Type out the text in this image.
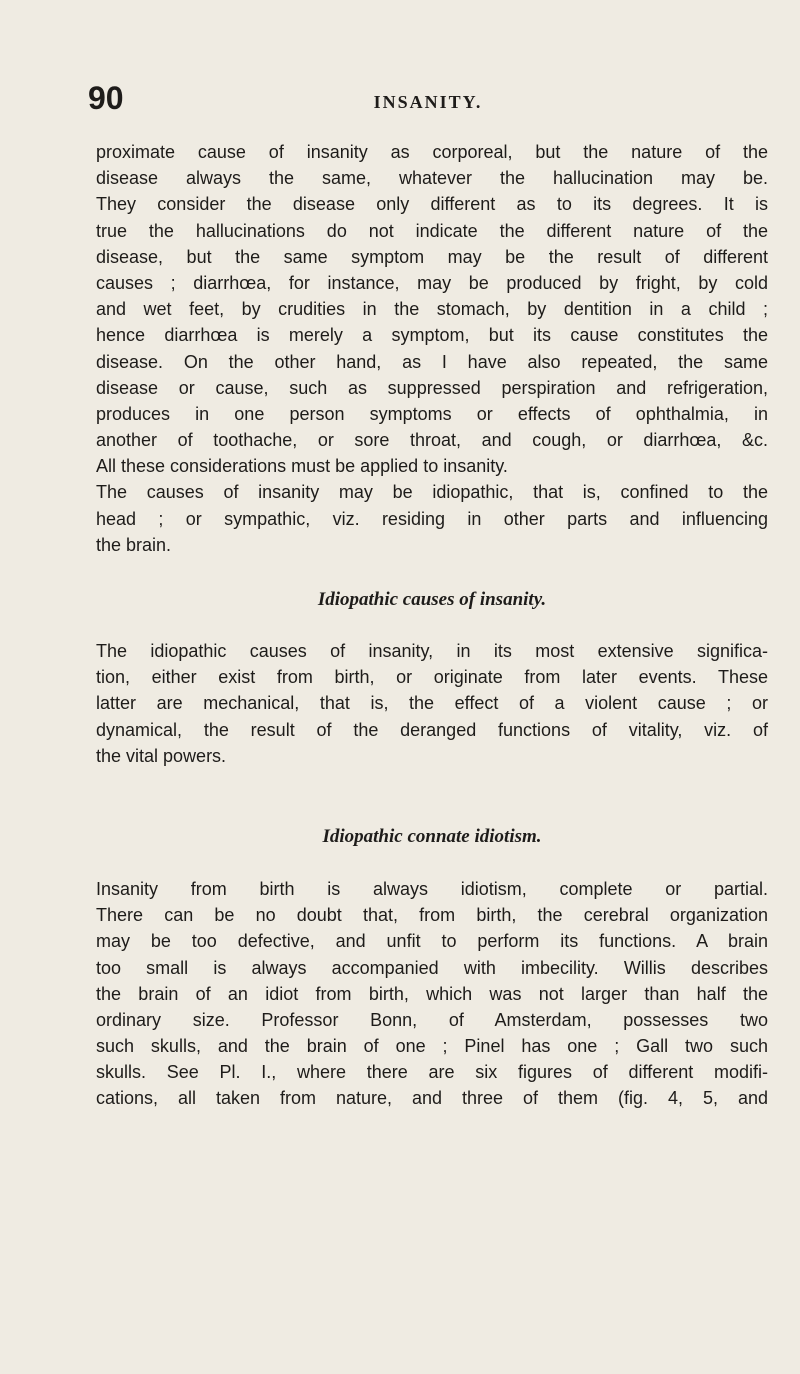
90	INSANITY.
proximate cause of insanity as corporeal, but the nature of the
disease always the same, whatever the hallucination may be.
They consider the disease only different as to its degrees. It is
true the hallucinations do not indicate the different nature of the
disease, but the same symptom may be the result of different
causes ; diarrhœa, for instance, may be produced by fright, by cold
and wet feet, by crudities in the stomach, by dentition in a child ;
hence diarrhœa is merely a symptom, but its cause constitutes the
disease. On the other hand, as I have also repeated, the same
disease or cause, such as suppressed perspiration and refrigeration,
produces in one person symptoms or effects of ophthalmia, in
another of toothache, or sore throat, and cough, or diarrhœa, &c.
All these considerations must be applied to insanity.
The causes of insanity may be idiopathic, that is, confined to the
head ; or sympathic, viz. residing in other parts and influencing
the brain.

Idiopathic causes of insanity.

The idiopathic causes of insanity, in its most extensive significa-
tion, either exist from birth, or originate from later events. These
latter are mechanical, that is, the effect of a violent cause ; or
dynamical, the result of the deranged functions of vitality, viz. of
the vital powers.

Idiopathic connate idiotism.

Insanity from birth is always idiotism, complete or partial.
There can be no doubt that, from birth, the cerebral organization
may be too defective, and unfit to perform its functions. A brain
too small is always accompanied with imbecility. Willis describes
the brain of an idiot from birth, which was not larger than half the
ordinary size. Professor Bonn, of Amsterdam, possesses two
such skulls, and the brain of one ; Pinel has one ; Gall two such
skulls. See Pl. I., where there are six figures of different modifi-
cations, all taken from nature, and three of them (fig. 4, 5, and
